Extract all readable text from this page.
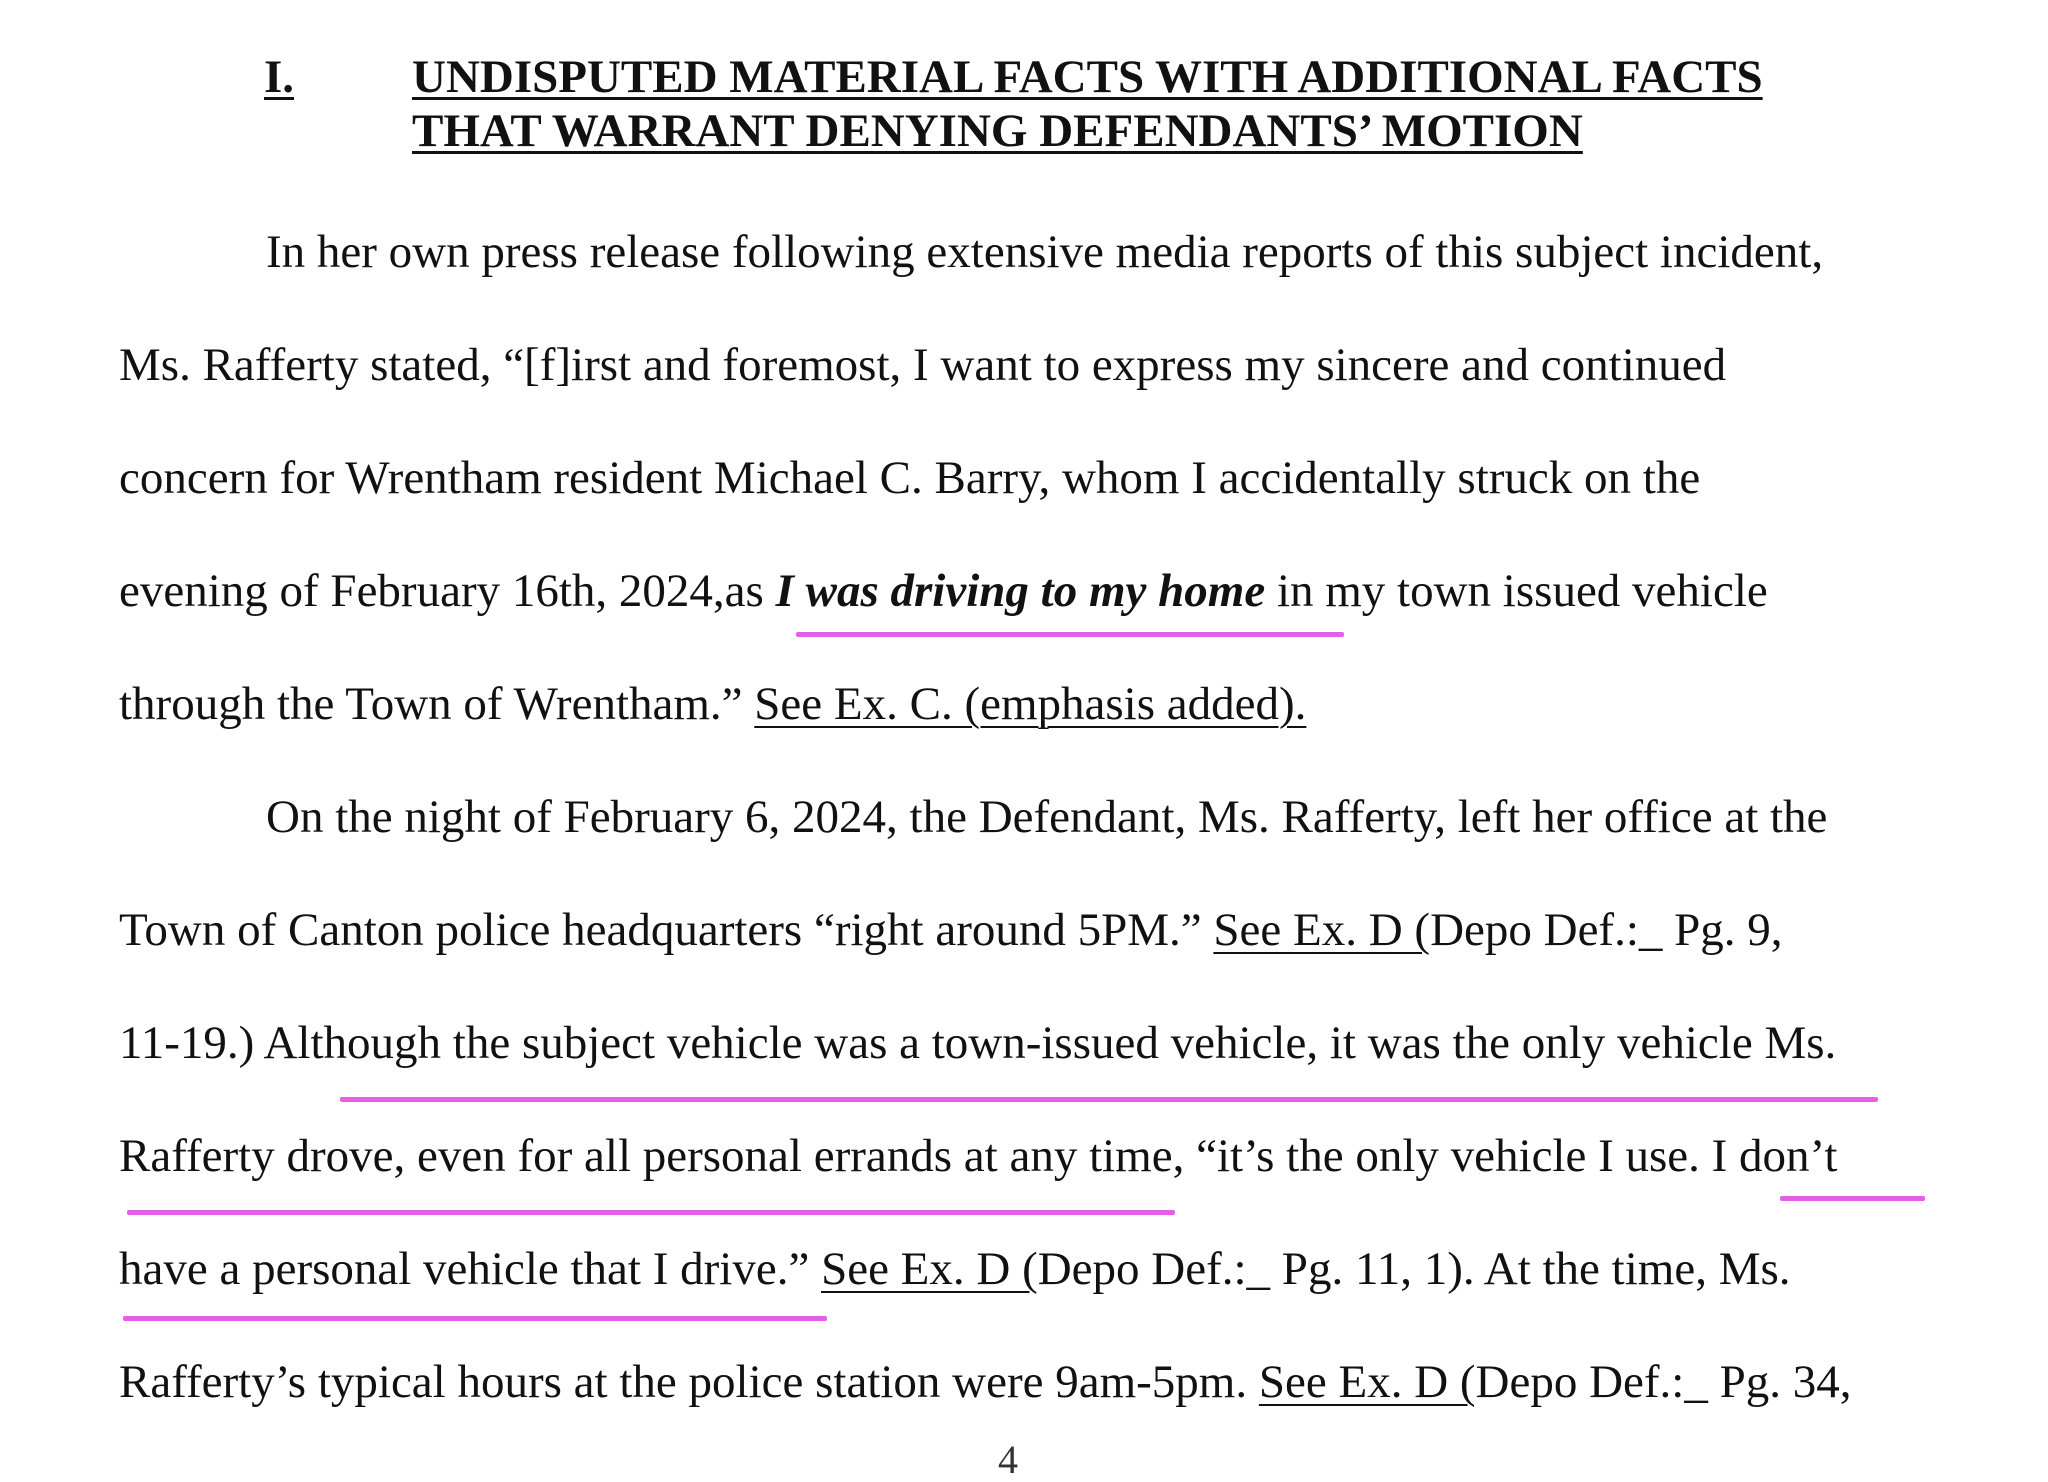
I.	UNDISPUTED MATERIAL FACTS WITH ADDITIONAL FACTS
THAT WARRANT DENYING DEFENDANTS’ MOTION
In her own press release following extensive media reports of this subject incident,
Ms. Rafferty stated, “[f]irst and foremost, I want to express my sincere and continued
concern for Wrentham resident Michael C. Barry, whom I accidentally struck on the
evening of February 16th, 2024,as I was driving to my home in my town issued vehicle
through the Town of Wrentham.” See Ex. C. (emphasis added).
On the night of February 6, 2024, the Defendant, Ms. Rafferty, left her office at the
Town of Canton police headquarters “right around 5PM.” See Ex. D (Depo Def.:_ Pg. 9,
11-19.) Although the subject vehicle was a town-issued vehicle, it was the only vehicle Ms.
Rafferty drove, even for all personal errands at any time, “it’s the only vehicle I use. I don’t
have a personal vehicle that I drive.” See Ex. D (Depo Def.:_ Pg. 11, 1). At the time, Ms.
Rafferty’s typical hours at the police station were 9am-5pm. See Ex. D (Depo Def.:_ Pg. 34,
4
